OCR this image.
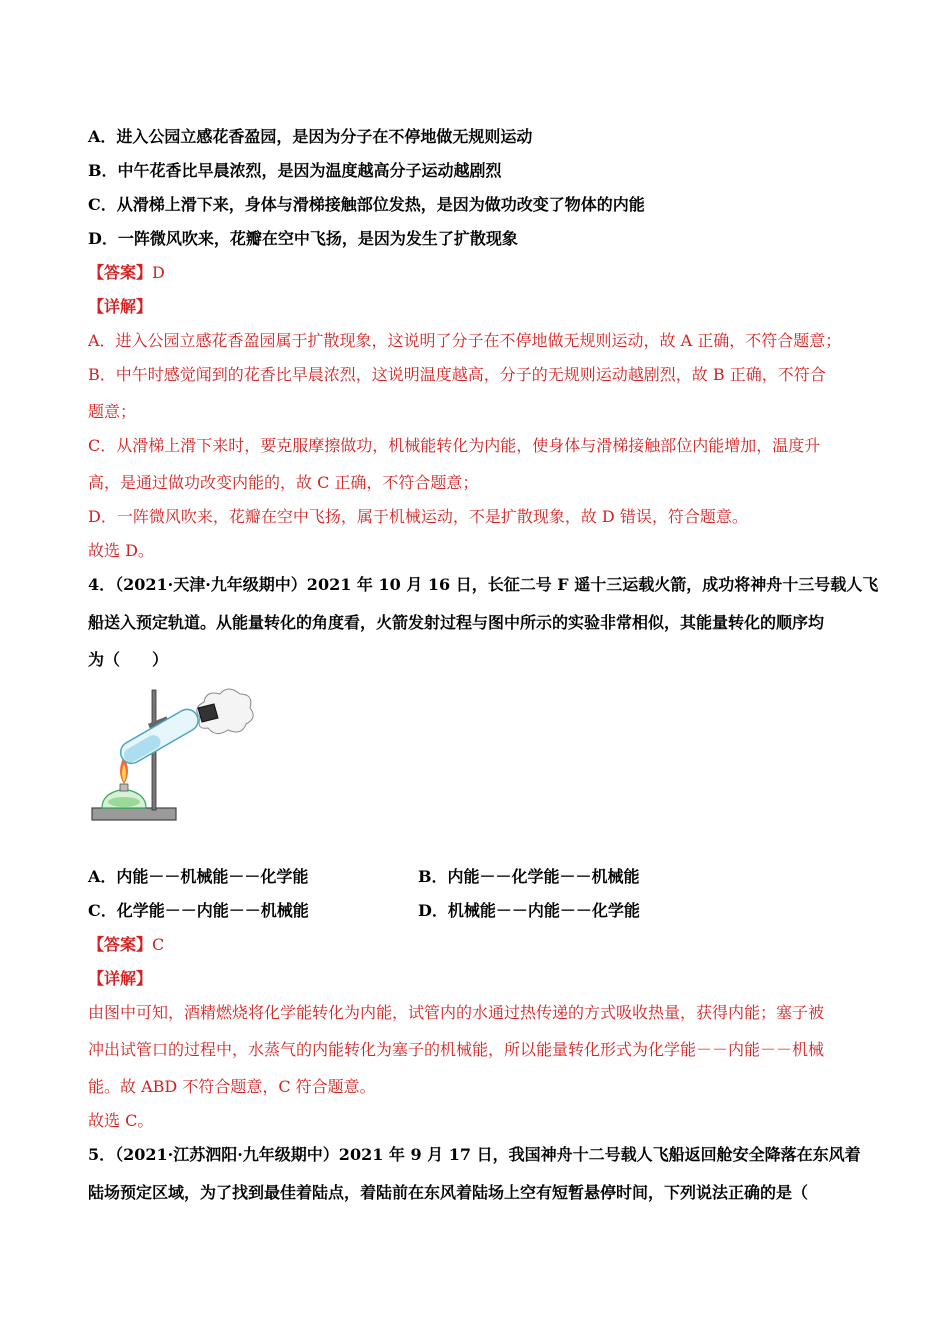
A．进入公园立感花香盈园，是因为分子在不停地做无规则运动
B．中午花香比早晨浓烈，是因为温度越高分子运动越剧烈
C．从滑梯上滑下来，身体与滑梯接触部位发热，是因为做功改变了物体的内能
D．一阵微风吹来，花瓣在空中飞扬，是因为发生了扩散现象
【答案】D
【详解】
A．进入公园立感花香盈园属于扩散现象，这说明了分子在不停地做无规则运动，故 A 正确，不符合题意；
B．中午时感觉闻到的花香比早晨浓烈，这说明温度越高，分子的无规则运动越剧烈，故 B 正确，不符合
题意；
C．从滑梯上滑下来时，要克服摩擦做功，机械能转化为内能，使身体与滑梯接触部位内能增加，温度升
高，是通过做功改变内能的，故 C 正确，不符合题意；
D．一阵微风吹来，花瓣在空中飞扬，属于机械运动，不是扩散现象，故 D 错误，符合题意。
故选 D。
4．（2021·天津·九年级期中）2021 年 10 月 16 日，长征二号 F 遥十三运载火箭，成功将神舟十三号载人飞
船送入预定轨道。从能量转化的角度看，火箭发射过程与图中所示的实验非常相似，其能量转化的顺序均
为（　　）
A．内能－－机械能－－化学能	B．内能－－化学能－－机械能
C．化学能－－内能－－机械能	D．机械能－－内能－－化学能
【答案】C
【详解】
由图中可知，酒精燃烧将化学能转化为内能，试管内的水通过热传递的方式吸收热量，获得内能；塞子被
冲出试管口的过程中，水蒸气的内能转化为塞子的机械能，所以能量转化形式为化学能－－内能－－机械
能。故 ABD 不符合题意，C 符合题意。
故选 C。
5．（2021·江苏泗阳·九年级期中）2021 年 9 月 17 日，我国神舟十二号载人飞船返回舱安全降落在东风着
陆场预定区域，为了找到最佳着陆点，着陆前在东风着陆场上空有短暂悬停时间，下列说法正确的是（
